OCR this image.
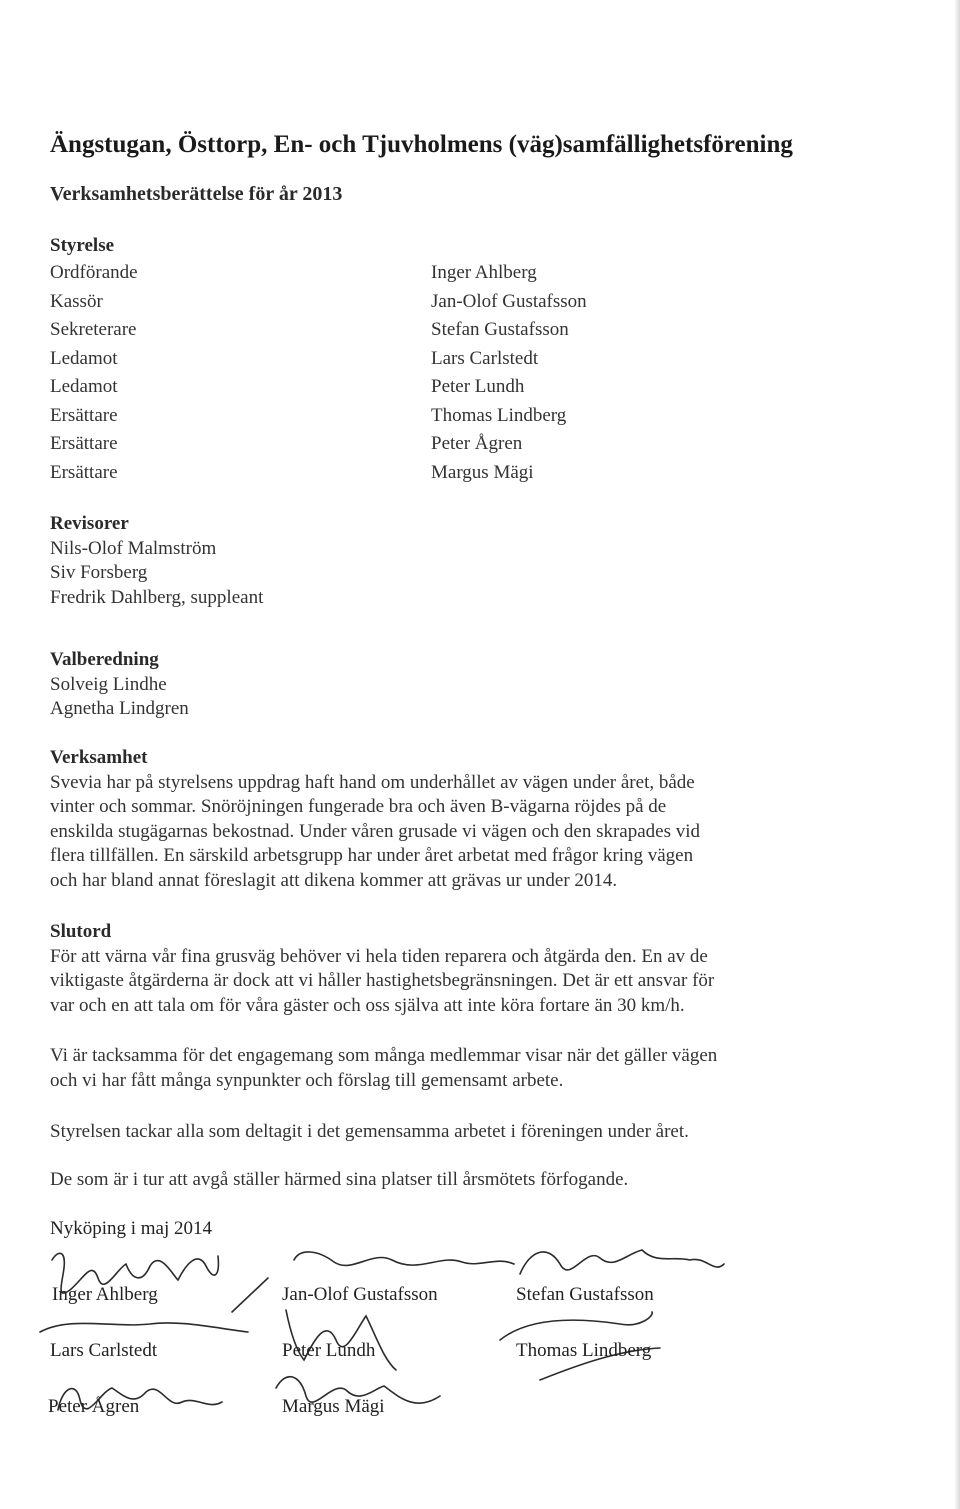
Ängstugan, Östtorp, En- och Tjuvholmens (väg)samfällighetsförening
Verksamhetsberättelse för år 2013
Styrelse
Ordförande	Inger Ahlberg
Kassör	Jan-Olof Gustafsson
Sekreterare	Stefan Gustafsson
Ledamot	Lars Carlstedt
Ledamot	Peter Lundh
Ersättare	Thomas Lindberg
Ersättare	Peter Ågren
Ersättare	Margus Mägi
Revisorer
Nils-Olof Malmström
Siv Forsberg
Fredrik Dahlberg, suppleant
Valberedning
Solveig Lindhe
Agnetha Lindgren
Verksamhet
Svevia har på styrelsens uppdrag haft hand om underhållet av vägen under året, både
vinter och sommar. Snöröjningen fungerade bra och även B-vägarna röjdes på de
enskilda stugägarnas bekostnad. Under våren grusade vi vägen och den skrapades vid
flera tillfällen. En särskild arbetsgrupp har under året arbetat med frågor kring vägen
och har bland annat föreslagit att dikena kommer att grävas ur under 2014.
Slutord
För att värna vår fina grusväg behöver vi hela tiden reparera och åtgärda den. En av de
viktigaste åtgärderna är dock att vi håller hastighetsbegränsningen. Det är ett ansvar för
var och en att tala om för våra gäster och oss själva att inte köra fortare än 30 km/h.
Vi är tacksamma för det engagemang som många medlemmar visar när det gäller vägen
och vi har fått många synpunkter och förslag till gemensamt arbete.
Styrelsen tackar alla som deltagit i det gemensamma arbetet i föreningen under året.
De som är i tur att avgå ställer härmed sina platser till årsmötets förfogande.
Nyköping i maj 2014
Inger Ahlberg	Jan-Olof Gustafsson	Stefan Gustafsson
Lars Carlstedt	Peter Lundh	Thomas Lindberg
Peter Ågren	Margus Mägi
